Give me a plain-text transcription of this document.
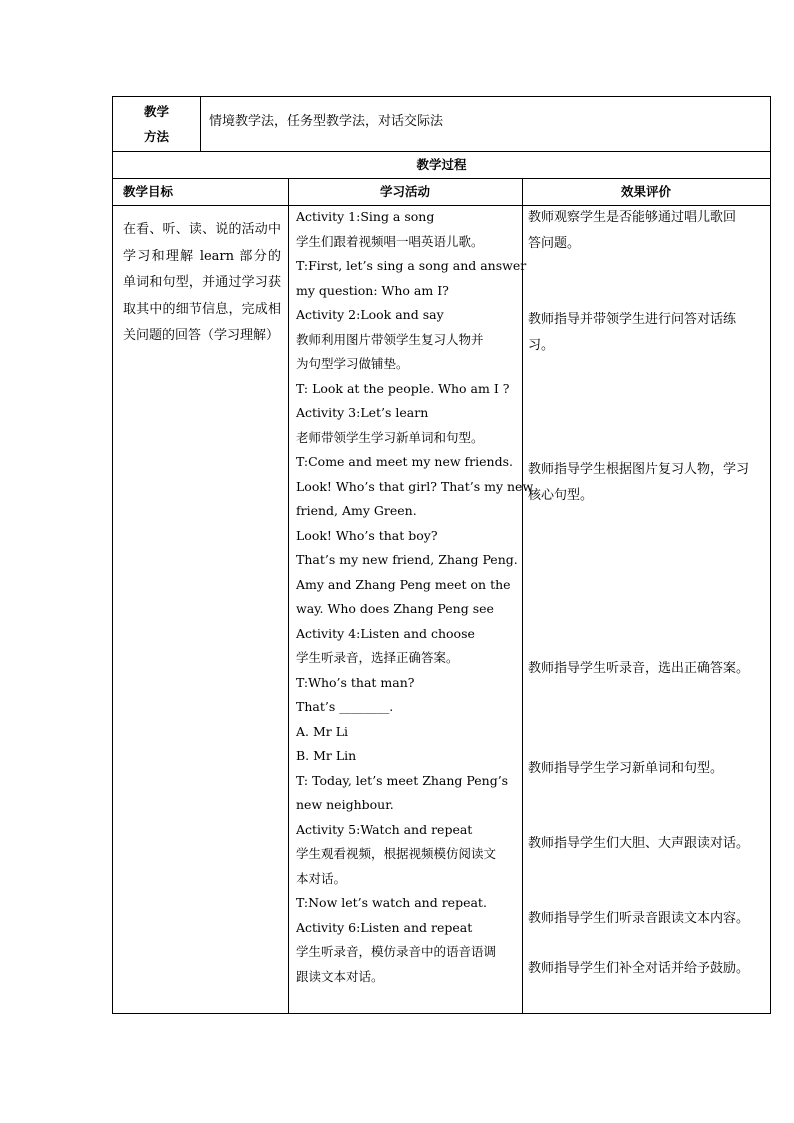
教学
方法
情境教学法，任务型教学法，对话交际法
教学过程
教学目标	学习活动	效果评价
在看、听、读、说的活动中学习和理解 learn 部分的单词和句型，并通过学习获取其中的细节信息，完成相关问题的回答（学习理解）
Activity 1:Sing a song
学生们跟着视频唱一唱英语儿歌。
T:First, let’s sing a song and answer
my question: Who am I?
Activity 2:Look and say
教师利用图片带领学生复习人物并
为句型学习做铺垫。
T: Look at the people. Who am I ?
Activity 3:Let’s learn
老师带领学生学习新单词和句型。
T:Come and meet my new friends.
Look! Who’s that girl? That’s my new
friend, Amy Green.
Look! Who’s that boy?
That’s my new friend, Zhang Peng.
Amy and Zhang Peng meet on the
way. Who does Zhang Peng see
Activity 4:Listen and choose
学生听录音，选择正确答案。
T:Who’s that man?
That’s ________.
A. Mr Li
B. Mr Lin
T: Today, let’s meet Zhang Peng’s
new neighbour.
Activity 5:Watch and repeat
学生观看视频，根据视频模仿阅读文
本对话。
T:Now let’s watch and repeat.
Activity 6:Listen and repeat
学生听录音，模仿录音中的语音语调
跟读文本对话。
教师观察学生是否能够通过唱儿歌回
答问题。
教师指导并带领学生进行问答对话练
习。
教师指导学生根据图片复习人物，学习
核心句型。
教师指导学生听录音，选出正确答案。
教师指导学生学习新单词和句型。
教师指导学生们大胆、大声跟读对话。
教师指导学生们听录音跟读文本内容。
教师指导学生们补全对话并给予鼓励。
